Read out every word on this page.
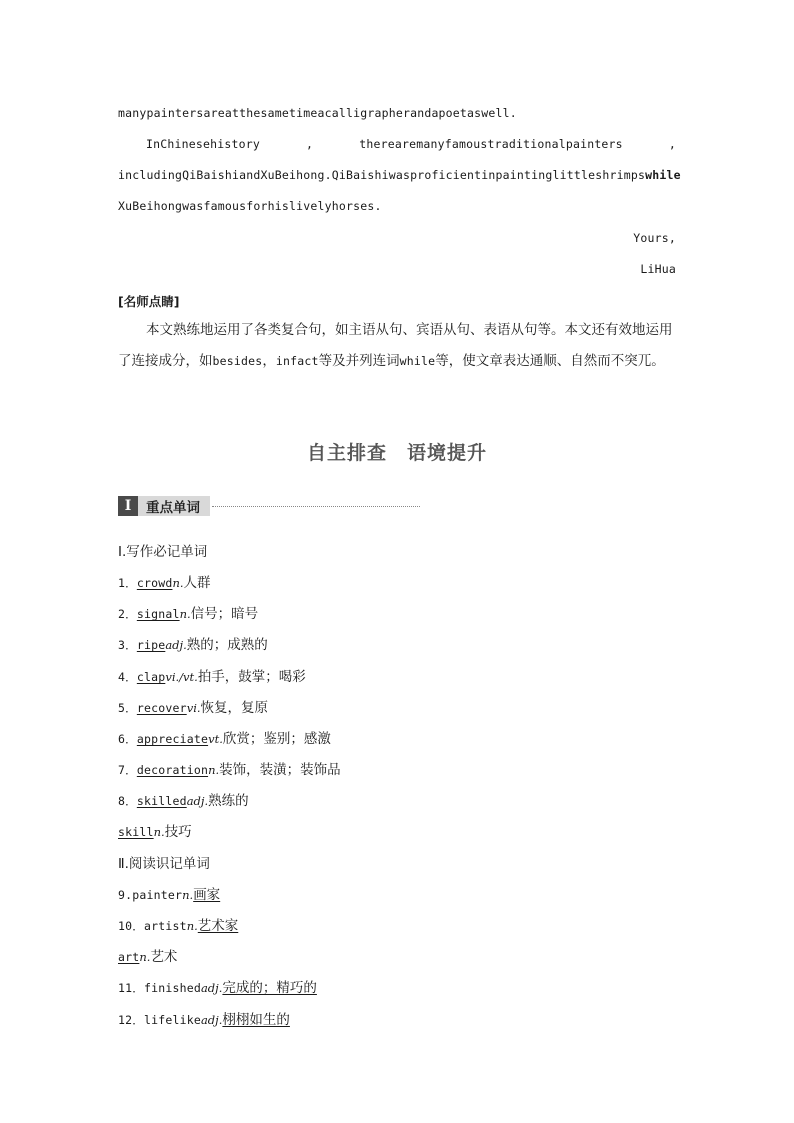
manypaintersareatthesametimeacalligrapherandapoetaswell.
InChinesehistory	,	therearemanyfamoustraditionalpainters	,
includingQiBaishiandXuBeihong.QiBaishiwasproficientinpaintinglittleshrimpswhile
XuBeihongwasfamousforhislivelyhorses.
Yours,
LiHua
[名师点睛]
本文熟练地运用了各类复合句，如主语从句、宾语从句、表语从句等。本文还有效地运用了连接成分，如besides，infact等及并列连词while等，使文章表达通顺、自然而不突兀。
自主排查　语境提升
Ⅰ	重点单词
Ⅰ.写作必记单词
1．crowdn.人群
2．signaln.信号；暗号
3．ripeadj.熟的；成熟的
4．clapvi./vt.拍手，鼓掌；喝彩
5．recovervi.恢复，复原
6．appreciatevt.欣赏；鉴别；感激
7．decorationn.装饰，装潢；装饰品
8．skilledadj.熟练的
skilln.技巧
Ⅱ.阅读识记单词
9.paintern.画家
10．artistn.艺术家
artn.艺术
11．finishedadj.完成的；精巧的
12．lifelikeadj.栩栩如生的
